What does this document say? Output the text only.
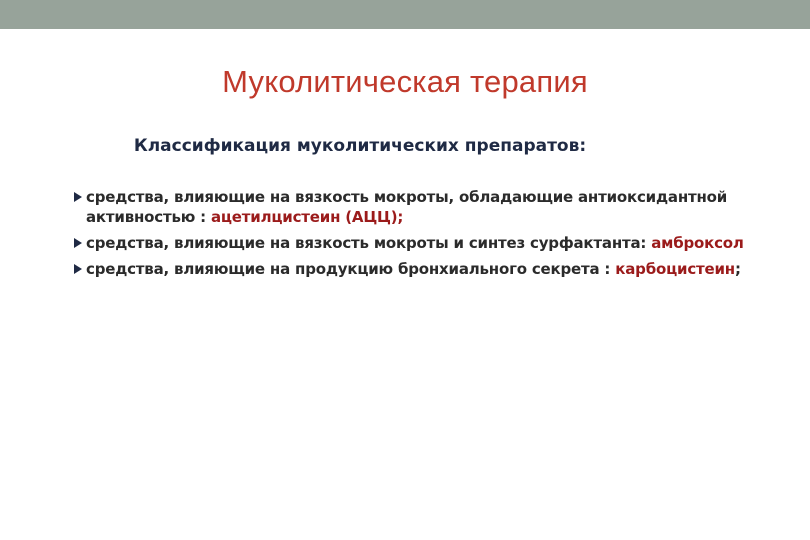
Муколитическая терапия
Классификация муколитических препаратов:
средства, влияющие на вязкость мокроты, обладающие антиоксидантной активностью : ацетилцистеин (АЦЦ);
средства, влияющие на вязкость мокроты и синтез сурфактанта: амброксол
средства, влияющие на продукцию бронхиального секрета : карбоцистеин;
